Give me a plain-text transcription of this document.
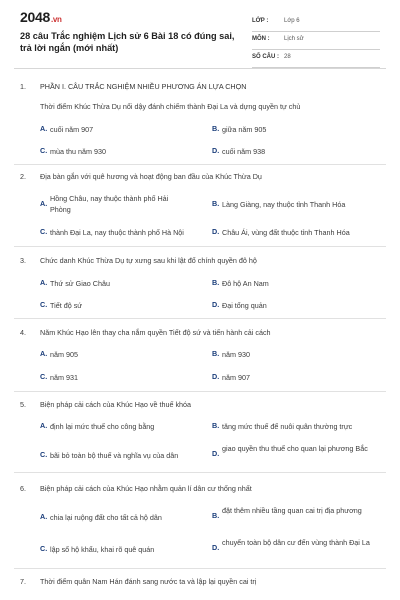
2048.vn
28 câu Trắc nghiệm Lịch sử 6 Bài 18 có đúng sai, trả lời ngắn (mới nhất)
LỚP :	Lớp 6
MÔN : Lịch sử
SỐ CÂU : 28
1. PHẦN I. CÂU TRẮC NGHIỆM NHIỀU PHƯƠNG ÁN LỰA CHỌN
Thời điểm Khúc Thừa Dụ nổi dậy đánh chiếm thành Đại La và dựng quyền tự chủ
A. cuối năm 907	B. giữa năm 905
C. mùa thu năm 930	D. cuối năm 938
2. Địa bàn gắn với quê hương và hoạt động ban đầu của Khúc Thừa Dụ
A.
Hồng Châu, nay thuộc thành phố Hải Phòng
B. Làng Giàng, nay thuộc tỉnh Thanh Hóa
C. thành Đại La, nay thuộc thành phố Hà Nội	D. Châu Ái, vùng đất thuộc tỉnh Thanh Hóa
3. Chức danh Khúc Thừa Dụ tự xưng sau khi lật đổ chính quyền đô hộ
A. Thứ sử Giao Châu	B. Đô hộ An Nam
C. Tiết độ sứ	D. Đại tổng quản
4. Năm Khúc Hạo lên thay cha nắm quyền Tiết độ sứ và tiến hành cải cách
A. năm 905	B. năm 930
C. năm 931	D. năm 907
5. Biện pháp cải cách của Khúc Hạo về thuế khóa
A. định lại mức thuế cho công bằng	B. tăng mức thuế để nuôi quân thường trực
C. bãi bỏ toàn bộ thuế và nghĩa vụ của dân	D.
giao quyền thu thuế cho quan lại phương Bắc
6. Biện pháp cải cách của Khúc Hạo nhằm quản lí dân cư thống nhất
A. chia lại ruộng đất cho tất cả hộ dân	B.
đặt thêm nhiều tầng quan cai trị địa phương
C. lập sổ hộ khẩu, khai rõ quê quán	D.
chuyển toàn bộ dân cư đến vùng thành Đại La
7. Thời điểm quân Nam Hán đánh sang nước ta và lập lại quyền cai trị
